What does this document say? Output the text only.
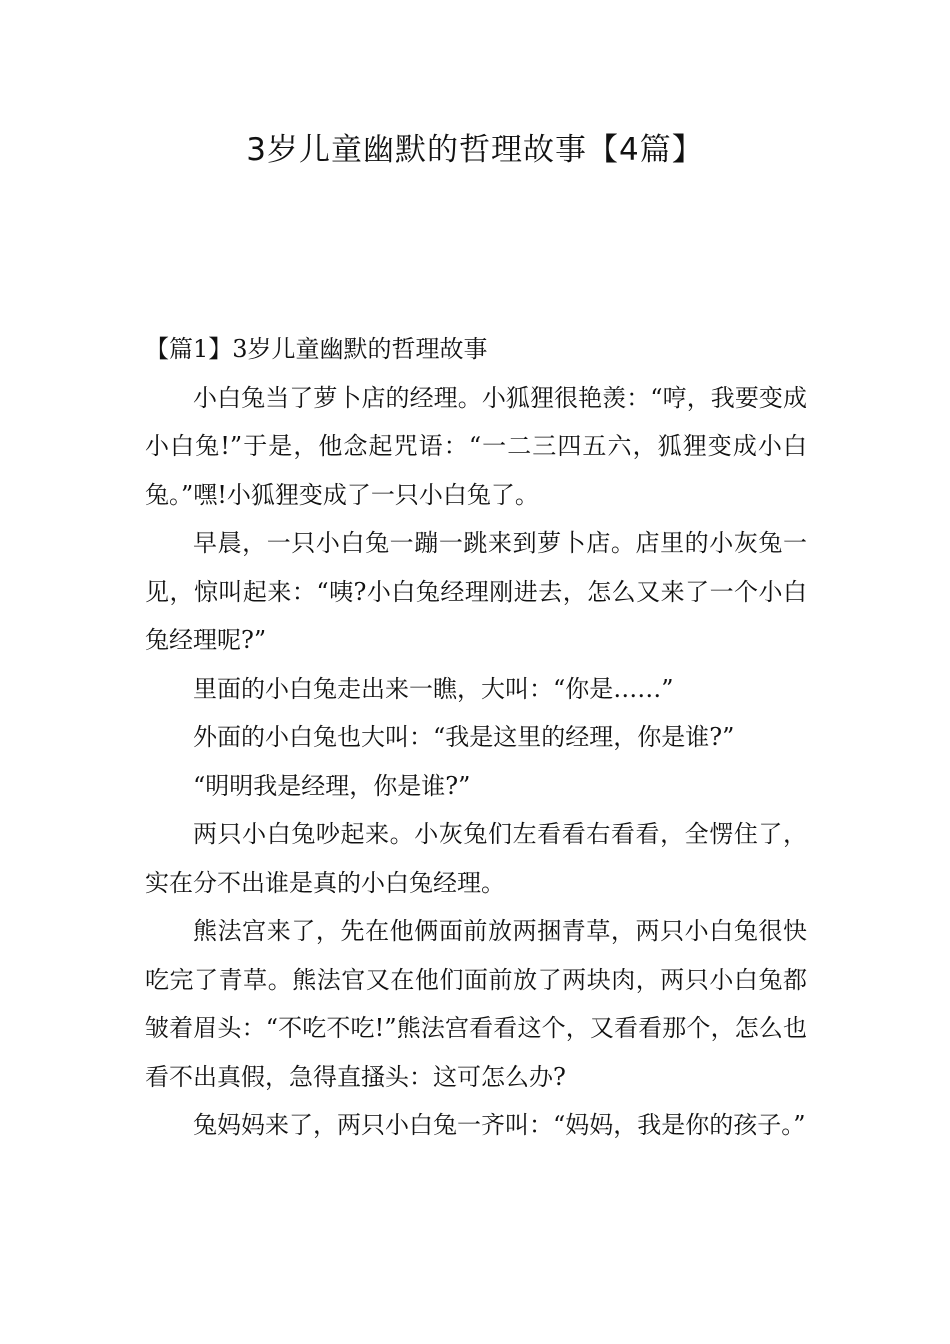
3岁儿童幽默的哲理故事【4篇】
【篇1】3岁儿童幽默的哲理故事

小白兔当了萝卜店的经理。小狐狸很艳羡：“哼，我要变成小白兔!”于是，他念起咒语：“一二三四五六，狐狸变成小白兔。”嘿!小狐狸变成了一只小白兔了。

早晨，一只小白兔一蹦一跳来到萝卜店。店里的小灰兔一见，惊叫起来：“咦?小白兔经理刚进去，怎么又来了一个小白兔经理呢?”

里面的小白兔走出来一瞧，大叫：“你是……”

外面的小白兔也大叫：“我是这里的经理，你是谁?”

“明明我是经理，你是谁?”

两只小白兔吵起来。小灰兔们左看看右看看，全愣住了，实在分不出谁是真的小白兔经理。

熊法宫来了，先在他俩面前放两捆青草，两只小白兔很快吃完了青草。熊法官又在他们面前放了两块肉，两只小白兔都皱着眉头：“不吃不吃!”熊法宫看看这个，又看看那个，怎么也看不出真假，急得直搔头：这可怎么办?

兔妈妈来了，两只小白兔一齐叫：“妈妈，我是你的孩子。”
